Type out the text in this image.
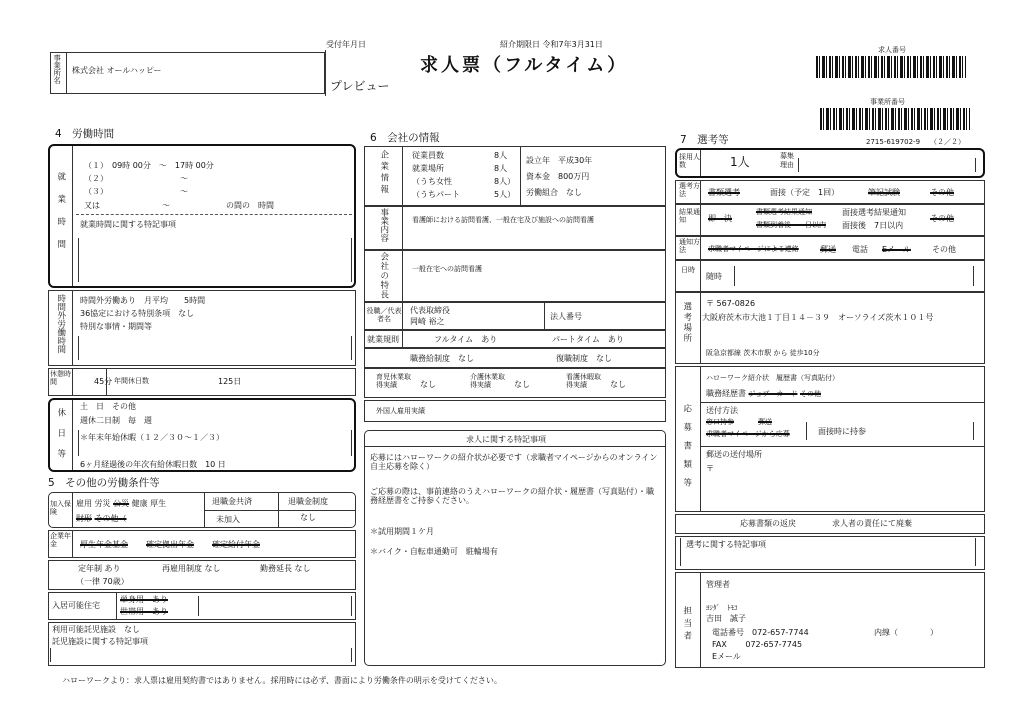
事業所名 株式会社 オールハッピー
受付年月日	紹介期限日 令和7年3月31日
求人票（フルタイム）
プレビュー
求人番号
事業所番号
2715-619702-9 （２／２）
4　労働時間
就業時間
（１）　09時 00分　～　17時 00分
（２）	～
（３）	～
又は	～	の間の　時間
就業時間に関する特記事項
時間外労働時間 時間外労働あり　月平均　　5時間
36協定における特別条項　なし
特別な事情・期間等
休憩時間	45分 年間休日数	125日
休日等
土　日　その他
週休二日制　毎　週
＊年末年始休暇（１２／３０～１／３）
6ヶ月経過後の年次有給休暇日数　10 日
5　その他の労働条件等
加入保険
雇用 労災 公災 健康 厚生
財形 その他（
退職金共済
未加入
退職金制度
なし
企業年金	厚生年金基金 確定拠出年金 確定給付年金
定年制 あり
（一律 70歳）
再雇用制度 なし	勤務延長 なし
入居可能住宅
単身用　あり
世帯用　あり
利用可能託児施設　なし
託児施設に関する特記事項
6　会社の情報
企業情報	従業員数	8人
就業場所	8人
（うち女性	8人）
（うちパート	5人）
設立年　平成30年
資本金　800万円
労働組合　なし
事業内容	看護師における訪問看護、一般在宅及び施設への訪問看護
会社の特長	一般在宅への訪問看護
役職／代表者名
代表取締役
岡崎 裕之
法人番号
就業規則	フルタイム　あり	パートタイム　あり
職務給制度　なし	復職制度　なし
育児休業取得実績	なし
介護休業取得実績	なし
看護休暇取得実績	なし
外国人雇用実績
求人に関する特記事項
応募にはハローワークの紹介状が必要です（求職者マイページからのオンライン自主応募を除く）
ご応募の際は、事前連絡のうえハローワークの紹介状・履歴書（写真貼付）・職務経歴書をご持参ください。
＊試用期間１ケ月
＊バイク・自転車通勤可　駐輪場有
7　選考等
採用人数	1人	募集理由
選考方法	書類選考	面接（予定　1回）	筆記試験	その他
結果通知	即　決
書類選考結果通知
書類到着後　　日以内
面接選考結果通知
面接後　7日以内
その他
通知方法	求職者マイページによる連絡	郵送 電話 Eメール	その他
日時
随時
選考場所 〒 567-0826
大阪府茨木市大池１丁目１４－３９　オーソライズ茨木１０１号
阪急京都線 茨木市駅 から 徒歩10分
応募書類等
ハローワーク紹介状　履歴書（写真貼付）
職務経歴書 ジョブ・カード その他
送付方法
窓口持参	郵送
求職者マイページから応募	面接時に持参
郵送の送付場所
〒
応募書類の返戻	求人者の責任にて廃棄
選考に関する特記事項
担当者
管理者
ﾖｼﾀﾞ　ﾄﾓｺ
吉田　誠子
電話番号　072-657-7744	内線（　　　　）
FAX　　 072-657-7745
Eメール
ハローワークより：求人票は雇用契約書ではありません。採用時には必ず、書面により労働条件の明示を受けてください。
